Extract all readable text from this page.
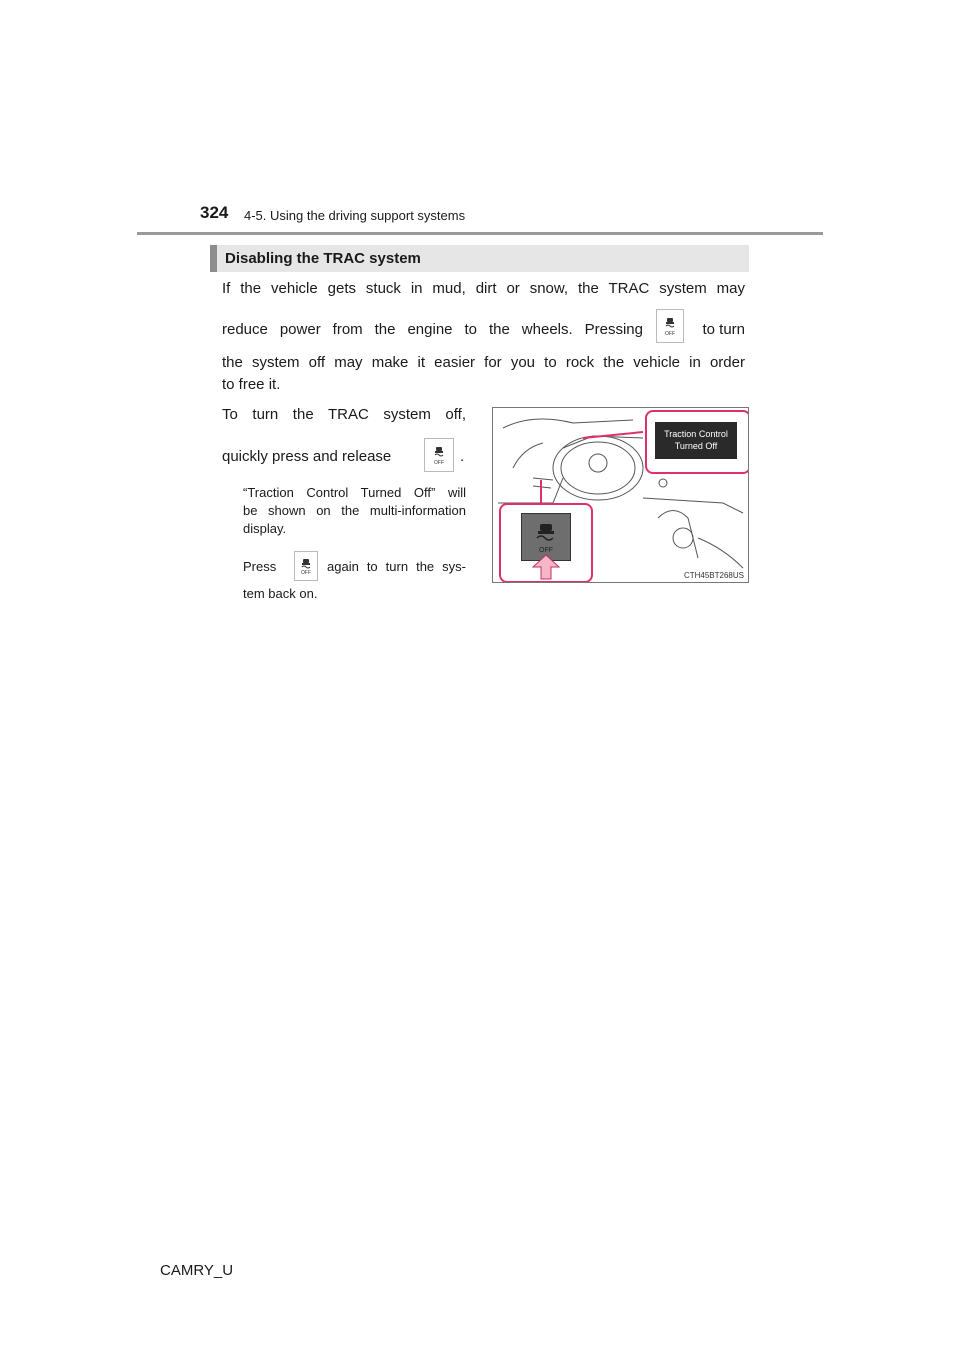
324 4-5. Using the driving support systems
Disabling the TRAC system
If the vehicle gets stuck in mud, dirt or snow, the TRAC system may
reduce power from the engine to the wheels. Pressing	OFF	to turn
the system off may make it easier for you to rock the vehicle in order
to free it.
To turn the TRAC system off,
quickly press and release	OFF .
“Traction Control Turned Off” will
be shown on the multi-information
display.
Press	OFF again to turn the sys-
tem back on.
Traction Control
Turned Off
OFF
CTH45BT268US
CAMRY_U
